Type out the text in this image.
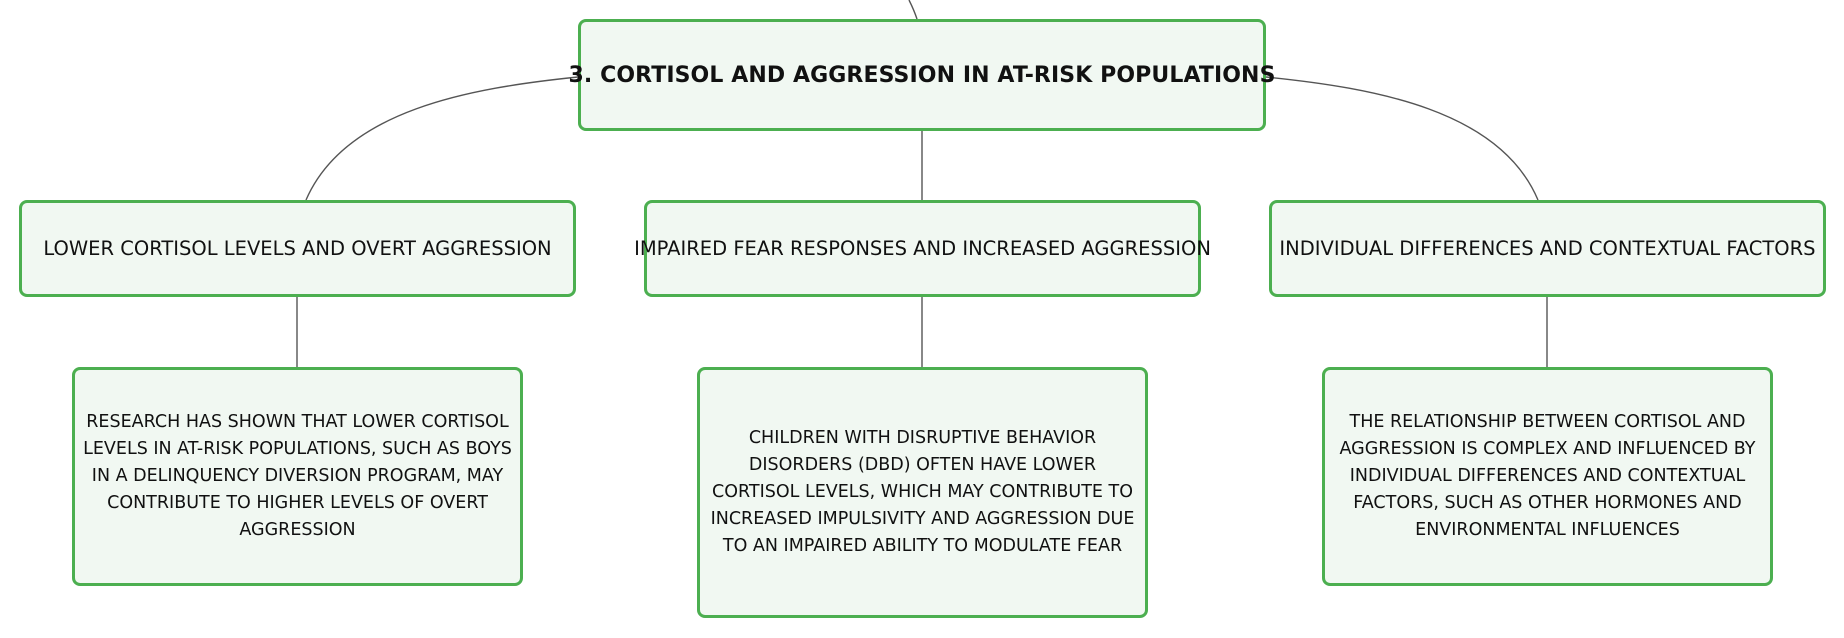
3. CORTISOL AND AGGRESSION IN AT-RISK POPULATIONS
LOWER CORTISOL LEVELS AND OVERT AGGRESSION	IMPAIRED FEAR RESPONSES AND INCREASED AGGRESSION	INDIVIDUAL DIFFERENCES AND CONTEXTUAL FACTORS
RESEARCH HAS SHOWN THAT LOWER CORTISOL LEVELS IN AT-RISK POPULATIONS, SUCH AS BOYS IN A DELINQUENCY DIVERSION PROGRAM, MAY CONTRIBUTE TO HIGHER LEVELS OF OVERT AGGRESSION
CHILDREN WITH DISRUPTIVE BEHAVIOR DISORDERS (DBD) OFTEN HAVE LOWER CORTISOL LEVELS, WHICH MAY CONTRIBUTE TO INCREASED IMPULSIVITY AND AGGRESSION DUE TO AN IMPAIRED ABILITY TO MODULATE FEAR
THE RELATIONSHIP BETWEEN CORTISOL AND AGGRESSION IS COMPLEX AND INFLUENCED BY INDIVIDUAL DIFFERENCES AND CONTEXTUAL FACTORS, SUCH AS OTHER HORMONES AND ENVIRONMENTAL INFLUENCES
